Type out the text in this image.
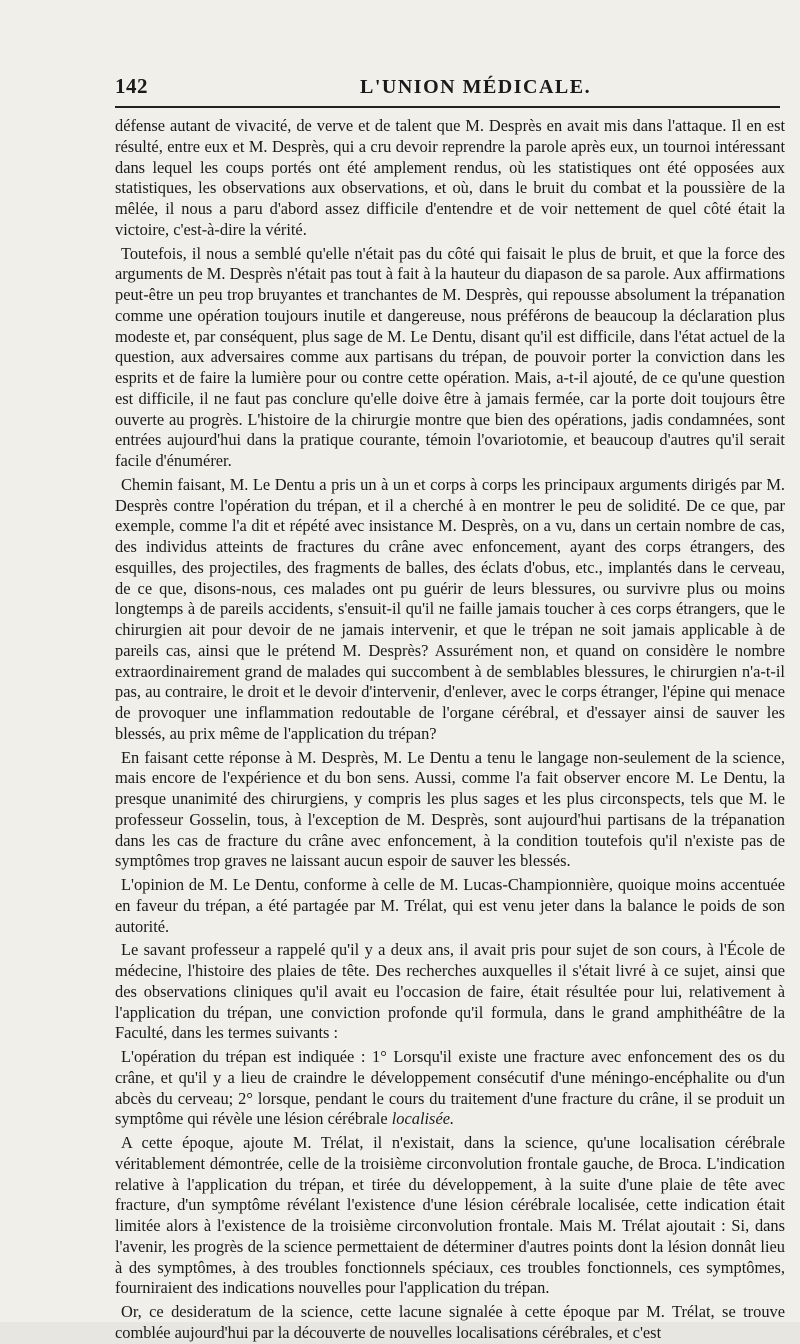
142	L'UNION MÉDICALE.

défense autant de vivacité, de verve et de talent que M. Desprès en avait mis dans l'attaque. Il en est résulté, entre eux et M. Desprès, qui a cru devoir reprendre la parole après eux, un tournoi intéressant dans lequel les coups portés ont été amplement rendus, où les statistiques ont été opposées aux statistiques, les observations aux observations, et où, dans le bruit du combat et la poussière de la mêlée, il nous a paru d'abord assez difficile d'entendre et de voir nettement de quel côté était la victoire, c'est-à-dire la vérité.

Toutefois, il nous a semblé qu'elle n'était pas du côté qui faisait le plus de bruit, et que la force des arguments de M. Desprès n'était pas tout à fait à la hauteur du diapason de sa parole. Aux affirmations peut-être un peu trop bruyantes et tranchantes de M. Desprès, qui repousse absolument la trépanation comme une opération toujours inutile et dangereuse, nous préférons de beaucoup la déclaration plus modeste et, par conséquent, plus sage de M. Le Dentu, disant qu'il est difficile, dans l'état actuel de la question, aux adversaires comme aux partisans du trépan, de pouvoir porter la conviction dans les esprits et de faire la lumière pour ou contre cette opération. Mais, a-t-il ajouté, de ce qu'une question est difficile, il ne faut pas conclure qu'elle doive être à jamais fermée, car la porte doit toujours être ouverte au progrès. L'histoire de la chirurgie montre que bien des opérations, jadis condamnées, sont entrées aujourd'hui dans la pratique courante, témoin l'ovariotomie, et beaucoup d'autres qu'il serait facile d'énumérer.

Chemin faisant, M. Le Dentu a pris un à un et corps à corps les principaux arguments dirigés par M. Desprès contre l'opération du trépan, et il a cherché à en montrer le peu de solidité. De ce que, par exemple, comme l'a dit et répété avec insistance M. Desprès, on a vu, dans un certain nombre de cas, des individus atteints de fractures du crâne avec enfoncement, ayant des corps étrangers, des esquilles, des projectiles, des fragments de balles, des éclats d'obus, etc., implantés dans le cerveau, de ce que, disons-nous, ces malades ont pu guérir de leurs blessures, ou survivre plus ou moins longtemps à de pareils accidents, s'ensuit-il qu'il ne faille jamais toucher à ces corps étrangers, que le chirurgien ait pour devoir de ne jamais intervenir, et que le trépan ne soit jamais applicable à de pareils cas, ainsi que le prétend M. Desprès? Assurément non, et quand on considère le nombre extraordinairement grand de malades qui succombent à de semblables blessures, le chirurgien n'a-t-il pas, au contraire, le droit et le devoir d'intervenir, d'enlever, avec le corps étranger, l'épine qui menace de provoquer une inflammation redoutable de l'organe cérébral, et d'essayer ainsi de sauver les blessés, au prix même de l'application du trépan?

En faisant cette réponse à M. Desprès, M. Le Dentu a tenu le langage non-seulement de la science, mais encore de l'expérience et du bon sens. Aussi, comme l'a fait observer encore M. Le Dentu, la presque unanimité des chirurgiens, y compris les plus sages et les plus circonspects, tels que M. le professeur Gosselin, tous, à l'exception de M. Desprès, sont aujourd'hui partisans de la trépanation dans les cas de fracture du crâne avec enfoncement, à la condition toutefois qu'il n'existe pas de symptômes trop graves ne laissant aucun espoir de sauver les blessés.

L'opinion de M. Le Dentu, conforme à celle de M. Lucas-Championnière, quoique moins accentuée en faveur du trépan, a été partagée par M. Trélat, qui est venu jeter dans la balance le poids de son autorité.

Le savant professeur a rappelé qu'il y a deux ans, il avait pris pour sujet de son cours, à l'École de médecine, l'histoire des plaies de tête. Des recherches auxquelles il s'était livré à ce sujet, ainsi que des observations cliniques qu'il avait eu l'occasion de faire, était résultée pour lui, relativement à l'application du trépan, une conviction profonde qu'il formula, dans le grand amphithéâtre de la Faculté, dans les termes suivants :

L'opération du trépan est indiquée : 1° Lorsqu'il existe une fracture avec enfoncement des os du crâne, et qu'il y a lieu de craindre le développement consécutif d'une méningo-encéphalite ou d'un abcès du cerveau; 2° lorsque, pendant le cours du traitement d'une fracture du crâne, il se produit un symptôme qui révèle une lésion cérébrale localisée.

A cette époque, ajoute M. Trélat, il n'existait, dans la science, qu'une localisation cérébrale véritablement démontrée, celle de la troisième circonvolution frontale gauche, de Broca. L'indication relative à l'application du trépan, et tirée du développement, à la suite d'une plaie de tête avec fracture, d'un symptôme révélant l'existence d'une lésion cérébrale localisée, cette indication était limitée alors à l'existence de la troisième circonvolution frontale. Mais M. Trélat ajoutait : Si, dans l'avenir, les progrès de la science permettaient de déterminer d'autres points dont la lésion donnât lieu à des symptômes, à des troubles fonctionnels spéciaux, ces troubles fonctionnels, ces symptômes, fourniraient des indications nouvelles pour l'application du trépan.

Or, ce desideratum de la science, cette lacune signalée à cette époque par M. Trélat, se trouve comblée aujourd'hui par la découverte de nouvelles localisations cérébrales, et c'est
